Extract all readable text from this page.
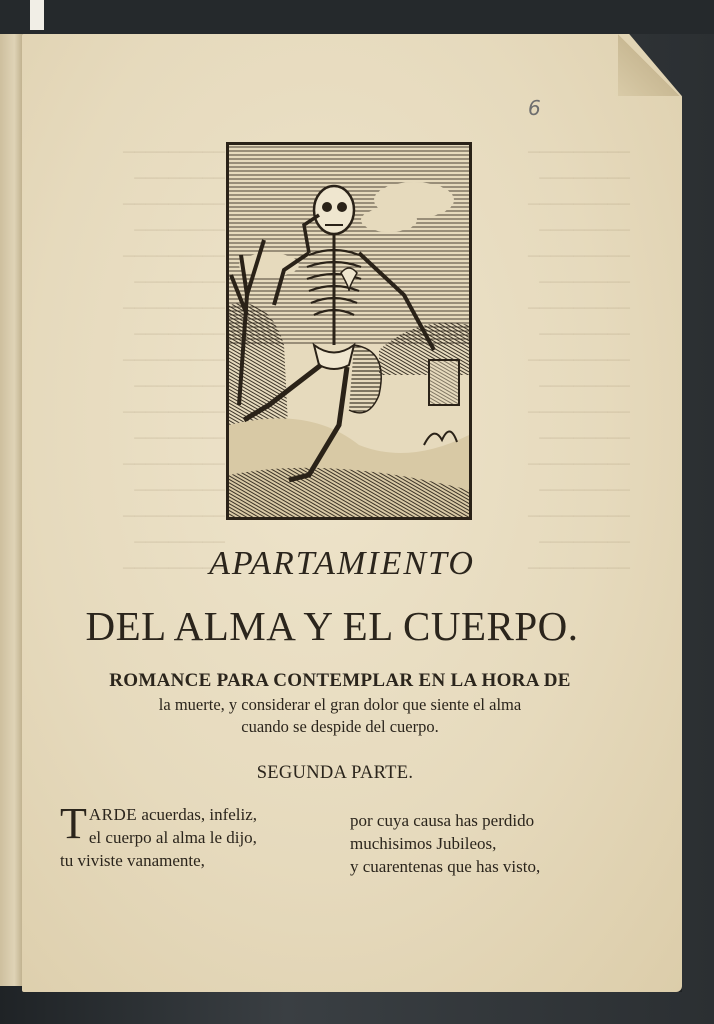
─────────
────────
─────────
────────
─────────
────────
─────────
────────
─────────
────────
─────────
────────
─────────
────────
─────────
────────
─────────
─────────
────────
─────────
────────
─────────
────────
─────────
────────
─────────
────────
─────────
────────
─────────
────────
─────────
────────
─────────
6
APARTAMIENTO
DEL ALMA Y EL CUERPO.
ROMANCE PARA CONTEMPLAR EN LA HORA DE
la muerte, y considerar el gran dolor que siente el alma
cuando se despide del cuerpo.
SEGUNDA PARTE.
T ARDE acuerdas, infeliz,
el cuerpo al alma le dijo,
tu viviste vanamente,
por cuya causa has perdido
muchisimos Jubileos,
y cuarentenas que has visto,
